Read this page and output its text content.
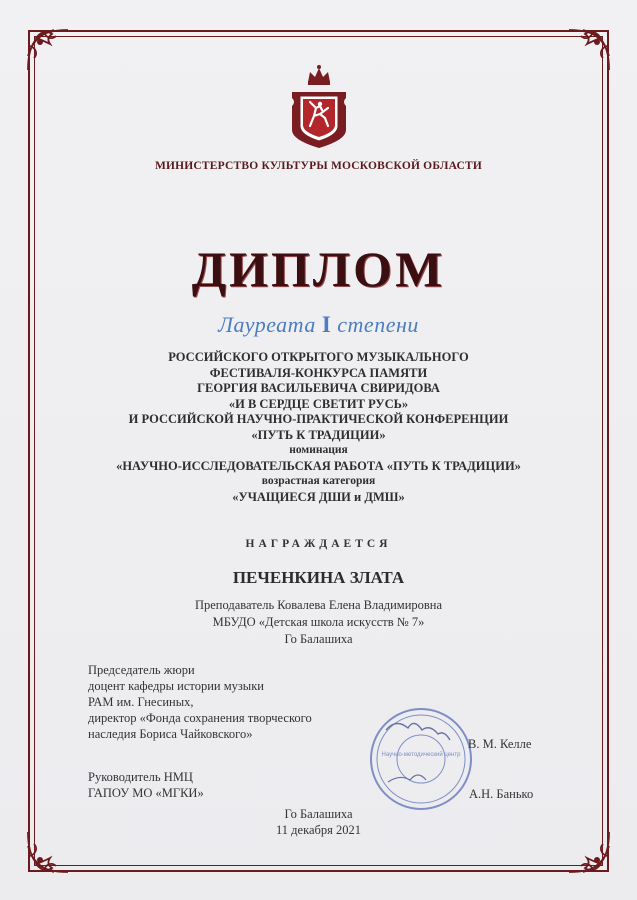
МИНИСТЕРСТВО КУЛЬТУРЫ МОСКОВСКОЙ ОБЛАСТИ
ДИПЛОМ
Лауреата I степени
РОССИЙСКОГО ОТКРЫТОГО МУЗЫКАЛЬНОГО
ФЕСТИВАЛЯ-КОНКУРСА ПАМЯТИ
ГЕОРГИЯ ВАСИЛЬЕВИЧА СВИРИДОВА
«И В СЕРДЦЕ СВЕТИТ РУСЬ»
И РОССИЙСКОЙ НАУЧНО-ПРАКТИЧЕСКОЙ КОНФЕРЕНЦИИ
«ПУТЬ К ТРАДИЦИИ»
номинация
«НАУЧНО-ИССЛЕДОВАТЕЛЬСКАЯ РАБОТА «ПУТЬ К ТРАДИЦИИ»
возрастная категория
«УЧАЩИЕСЯ ДШИ и ДМШ»
НАГРАЖДАЕТСЯ
ПЕЧЕНКИНА ЗЛАТА
Преподаватель Ковалева Елена Владимировна
МБУДО «Детская школа искусств № 7»
Го Балашиха
Председатель жюри
доцент кафедры истории музыки
РАМ им. Гнесиных,
директор «Фонда сохранения творческого
наследия Бориса Чайковского»
Научно-методический центр
В. М. Келле
Руководитель НМЦ
ГАПОУ МО «МГКИ»	А.Н. Банько
Го Балашиха
11 декабря 2021
